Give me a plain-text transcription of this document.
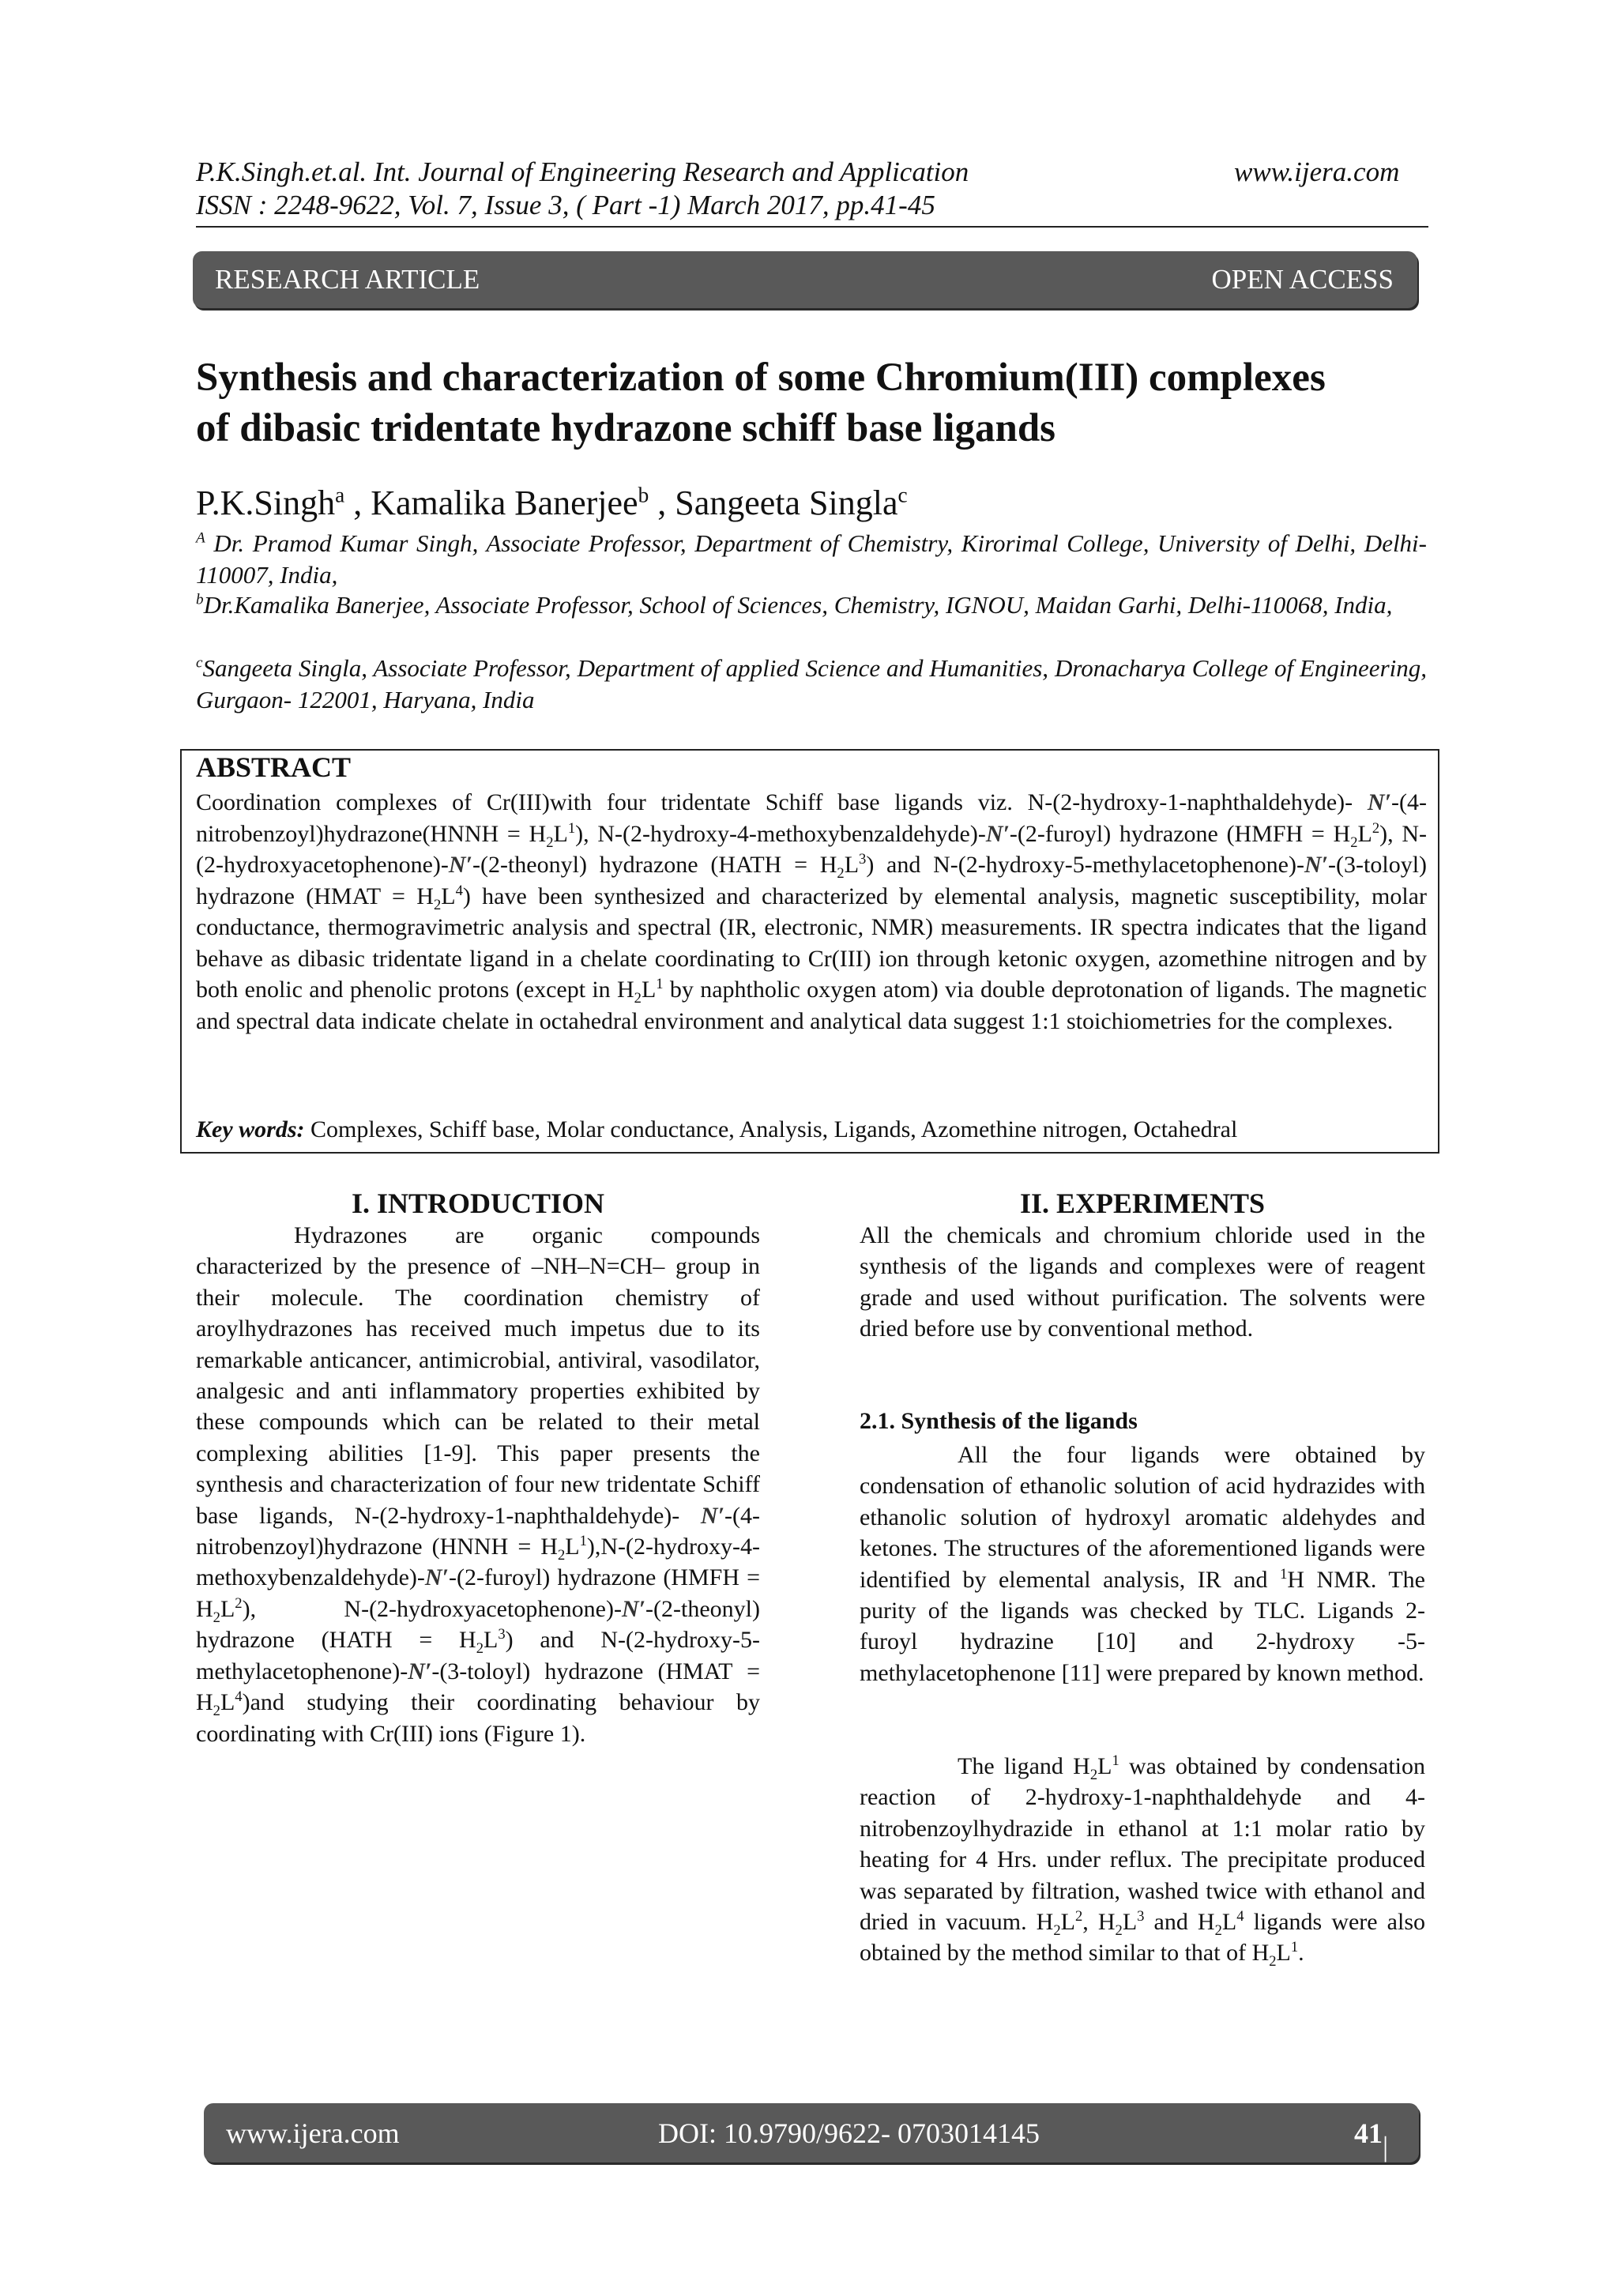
P.K.Singh.et.al. Int. Journal of Engineering Research and Application	www.ijera.com
ISSN : 2248-9622, Vol. 7, Issue 3, ( Part -1) March 2017, pp.41-45
RESEARCH ARTICLE	OPEN ACCESS
Synthesis and characterization of some Chromium(III) complexes
of dibasic tridentate hydrazone schiff base ligands
P.K.Singh$^a$ , Kamalika Banerjee$^b$ , Sangeeta Singla$^c$
$^A$ Dr. Pramod Kumar Singh, Associate Professor, Department of Chemistry, Kirorimal College, University of Delhi, Delhi-110007, India,
$^b$Dr.Kamalika Banerjee, Associate Professor, School of Sciences, Chemistry, IGNOU, Maidan Garhi, Delhi-110068, India,
$^c$Sangeeta Singla, Associate Professor, Department of applied Science and Humanities, Dronacharya College of Engineering, Gurgaon- 122001, Haryana, India
ABSTRACT
Coordination complexes of Cr(III)with four tridentate Schiff base ligands viz. N-(2-hydroxy-1-naphthaldehyde)- N′-(4-nitrobenzoyl)hydrazone(HNNH = $H_2L^1$), N-(2-hydroxy-4-methoxybenzaldehyde)-N′-(2-furoyl) hydrazone (HMFH = $H_2L^2$), N-(2-hydroxyacetophenone)-N′-(2-theonyl) hydrazone (HATH = $H_2L^3$) and N-(2-hydroxy-5-methylacetophenone)-N′-(3-toloyl) hydrazone (HMAT = $H_2L^4$) have been synthesized and characterized by elemental analysis, magnetic susceptibility, molar conductance, thermogravimetric analysis and spectral (IR, electronic, NMR) measurements. IR spectra indicates that the ligand behave as dibasic tridentate ligand in a chelate coordinating to Cr(III) ion through ketonic oxygen, azomethine nitrogen and by both enolic and phenolic protons (except in $H_2L^1$ by naphtholic oxygen atom) via double deprotonation of ligands. The magnetic and spectral data indicate chelate in octahedral environment and analytical data suggest 1:1 stoichiometries for the complexes.
Key words: Complexes, Schiff base, Molar conductance, Analysis, Ligands, Azomethine nitrogen, Octahedral
I. INTRODUCTION
Hydrazones are organic compounds characterized by the presence of –NH–N=CH– group in their molecule. The coordination chemistry of aroylhydrazones has received much impetus due to its remarkable anticancer, antimicrobial, antiviral, vasodilator, analgesic and anti inflammatory properties exhibited by these compounds which can be related to their metal complexing abilities [1-9]. This paper presents the synthesis and characterization of four new tridentate Schiff base ligands, N-(2-hydroxy-1-naphthaldehyde)- N′-(4-nitrobenzoyl)hydrazone (HNNH = $H_2L^1),N-(2-hydroxy-4-methoxybenzaldehyde)-N'-(2-furoyl)$ hydrazone (HMFH = $H_2L^2$), N-(2-hydroxyacetophenone)-N′-(2-theonyl) hydrazone (HATH = $H_2L^3$) and N-(2-hydroxy-5-methylacetophenone)-N′-(3-toloyl) hydrazone (HMAT = $H_2L^4)and$ studying their coordinating behaviour by coordinating with Cr(III) ions (Figure 1).
II. EXPERIMENTS
All the chemicals and chromium chloride used in the synthesis of the ligands and complexes were of reagent grade and used without purification. The solvents were dried before use by conventional method.
2.1. Synthesis of the ligands
All the four ligands were obtained by condensation of ethanolic solution of acid hydrazides with ethanolic solution of hydroxyl aromatic aldehydes and ketones. The structures of the aforementioned ligands were identified by elemental analysis, IR and $^1$H NMR. The purity of the ligands was checked by TLC. Ligands 2-furoyl hydrazine [10] and 2-hydroxy -5-methylacetophenone [11] were prepared by known method.
The ligand $H_2L^1$ was obtained by condensation reaction of 2-hydroxy-1-naphthaldehyde and 4-nitrobenzoylhydrazide in ethanol at 1:1 molar ratio by heating for 4 Hrs. under reflux. The precipitate produced was separated by filtration, washed twice with ethanol and dried in vacuum. $H_2L^2$, $H_2L^3$ and $H_2L^4$ ligands were also obtained by the method similar to that of $H_2L^1$.
www.ijera.com	DOI: 10.9790/9622- 0703014145	41 | P a g e
